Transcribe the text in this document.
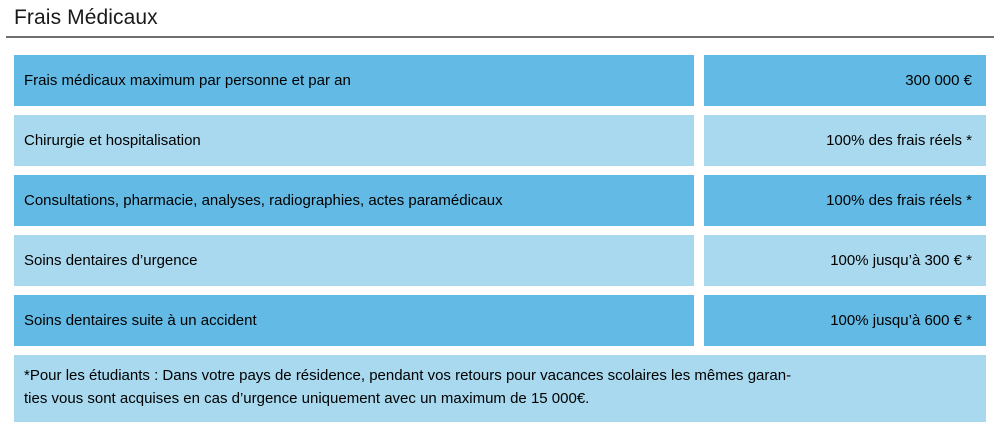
Frais Médicaux
Frais médicaux maximum par personne et par an	300 000 €
Chirurgie et hospitalisation	100% des frais réels *
Consultations, pharmacie, analyses, radiographies, actes paramédicaux	100% des frais réels *
Soins dentaires d’urgence	100% jusqu’à 300 € *
Soins dentaires suite à un accident	100% jusqu’à 600 € *
*Pour les étudiants : Dans votre pays de résidence, pendant vos retours pour vacances scolaires les mêmes garan-
ties vous sont acquises en cas d’urgence uniquement avec un maximum de 15 000€.
